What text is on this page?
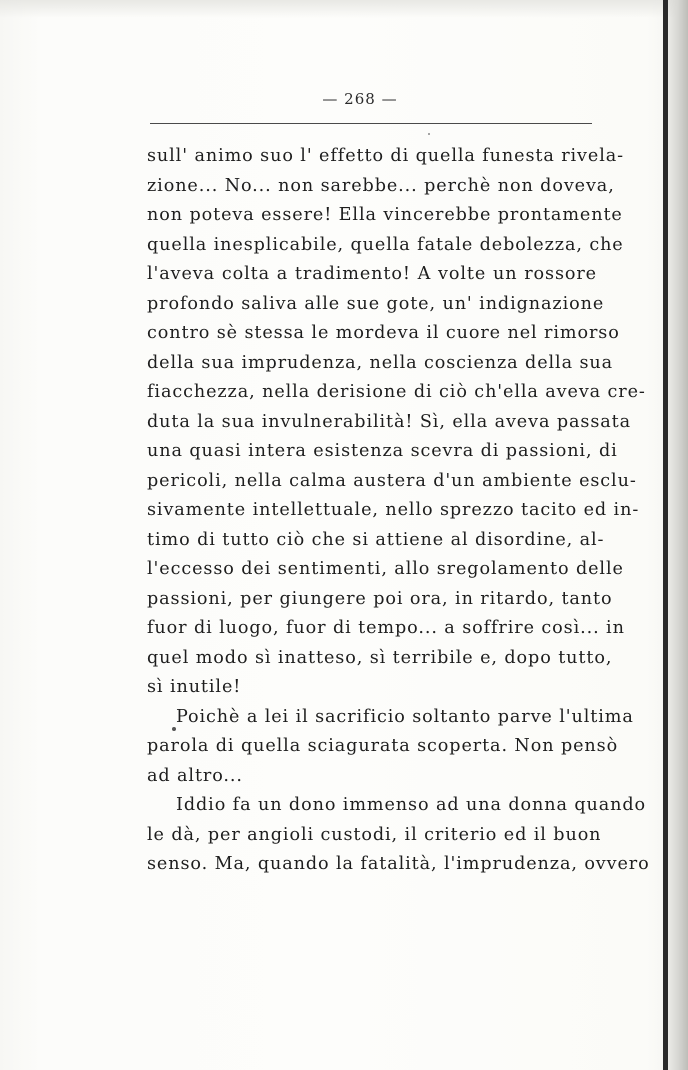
— 268 —
sull' animo suo l' effetto di quella funesta rivela-
zione... No... non sarebbe... perchè non doveva,
non poteva essere! Ella vincerebbe prontamente
quella inesplicabile, quella fatale debolezza, che
l'aveva colta a tradimento! A volte un rossore
profondo saliva alle sue gote, un' indignazione
contro sè stessa le mordeva il cuore nel rimorso
della sua imprudenza, nella coscienza della sua
fiacchezza, nella derisione di ciò ch'ella aveva cre-
duta la sua invulnerabilità! Sì, ella aveva passata
una quasi intera esistenza scevra di passioni, di
pericoli, nella calma austera d'un ambiente esclu-
sivamente intellettuale, nello sprezzo tacito ed in-
timo di tutto ciò che si attiene al disordine, al-
l'eccesso dei sentimenti, allo sregolamento delle
passioni, per giungere poi ora, in ritardo, tanto
fuor di luogo, fuor di tempo... a soffrire così... in
quel modo sì inatteso, sì terribile e, dopo tutto,
sì inutile!
Poichè a lei il sacrificio soltanto parve l'ultima
parola di quella sciagurata scoperta. Non pensò
ad altro...
Iddio fa un dono immenso ad una donna quando
le dà, per angioli custodi, il criterio ed il buon
senso. Ma, quando la fatalità, l'imprudenza, ovvero
